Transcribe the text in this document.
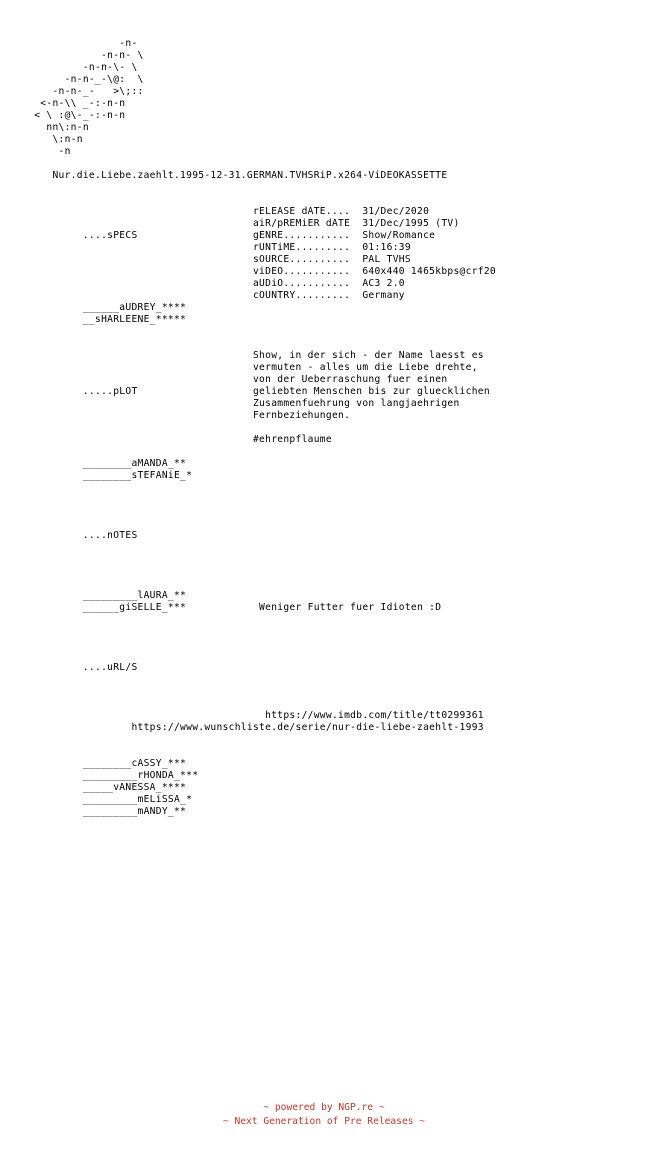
-n-
-n-n- \
-n-n-\- \
-n-n-_-\@:  \
-n-n-_-   >\;::
<-n-\\ _-:-n-n
< \ :@\-_-:-n-n
nn\:n-n
\:n-n
-n

Nur.die.Liebe.zaehlt.1995-12-31.GERMAN.TVHSRiP.x264-ViDEOKASSETTE

rELEASE dATE....  31/Dec/2020
aiR/pREMiER dATE  31/Dec/1995 (TV)
....sPECS                   gENRE...........  Show/Romance
rUNTiME.........  01:16:39
sOURCE..........  PAL TVHS
viDEO...........  640x440 1465kbps@crf20
aUDiO...........  AC3 2.0
cOUNTRY.........  Germany
______aUDREY_****
__sHARLEENE_*****

Show, in der sich - der Name laesst es
vermuten - alles um die Liebe drehte,
von der Ueberraschung fuer einen
.....pLOT                   geliebten Menschen bis zur gluecklichen
Zusammenfuehrung von langjaehrigen
Fernbeziehungen.

#ehrenpflaume

________aMANDA_**
________sTEFANiE_*

....nOTES

_________lAURA_**
______giSELLE_***            Weniger Futter fuer Idioten :D

....uRL/S

https://www.imdb.com/title/tt0299361
https://www.wunschliste.de/serie/nur-die-liebe-zaehlt-1993

________cASSY_***
_________rHONDA_***
_____vANESSA_****
_________mELiSSA_*
_________mANDY_**

~ powered by NGP.re ~
~ Next Generation of Pre Releases ~
